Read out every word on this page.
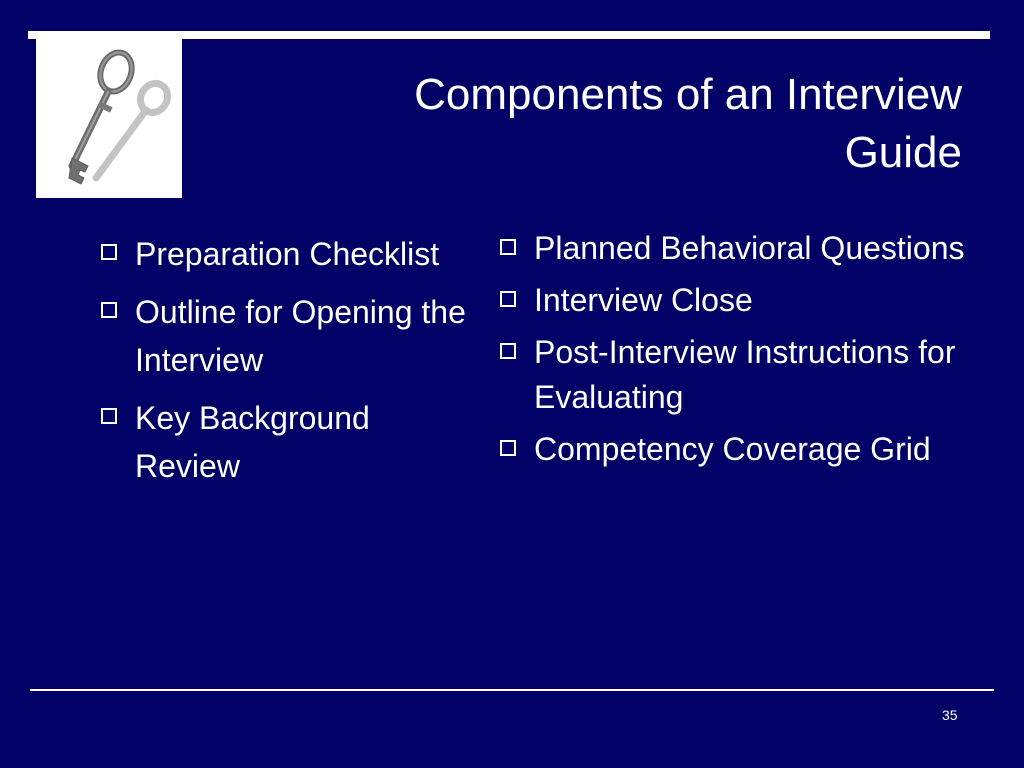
Components of an Interview
Guide
Preparation Checklist
Outline for Opening the Interview
Key Background Review
Planned Behavioral Questions
Interview Close
Post-Interview Instructions for Evaluating
Competency Coverage Grid
35
